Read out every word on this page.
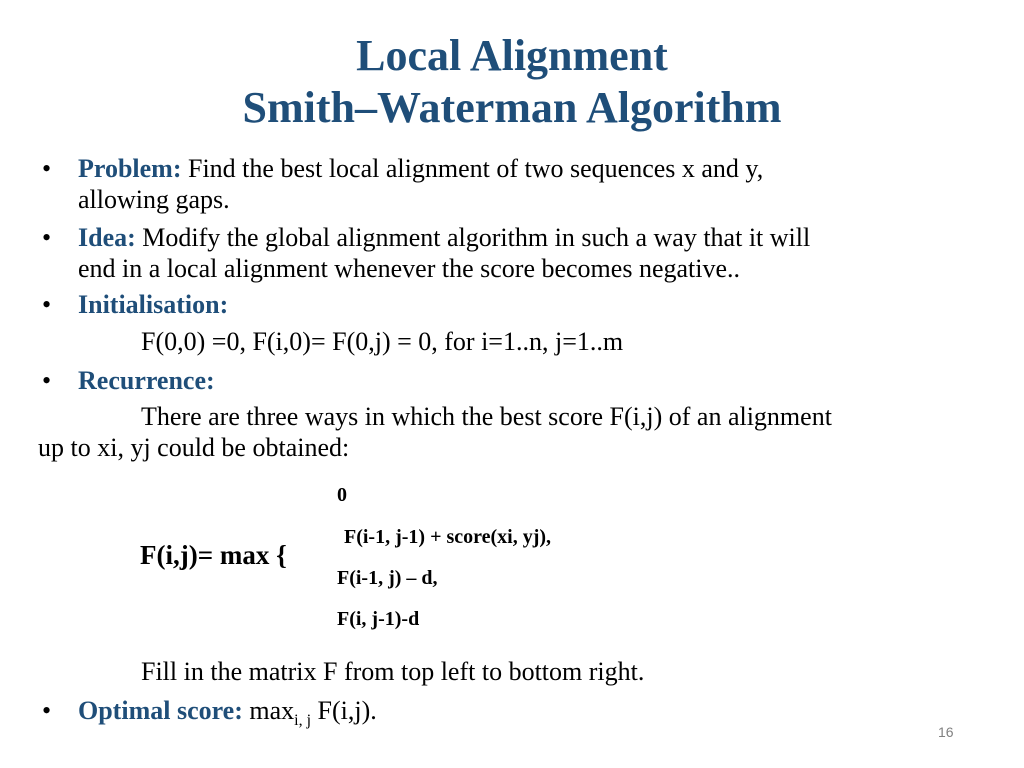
Local Alignment
Smith–Waterman Algorithm
• Problem: Find the best local alignment of two sequences x and y,
allowing gaps.
• Idea: Modify the global alignment algorithm in such a way that it will
end in a local alignment whenever the score becomes negative..
• Initialisation:
F(0,0) =0, F(i,0)= F(0,j) = 0, for i=1..n, j=1..m
• Recurrence:
There are three ways in which the best score F(i,j) of an alignment
up to xi, yj could be obtained:
F(i,j)= max {
0
F(i-1, j-1) + score(xi, yj),
F(i-1, j) – d,
F(i, j-1)-d
Fill in the matrix F from top left to bottom right.
• Optimal score: $\max_{i, j} F(i,j)$.
16
